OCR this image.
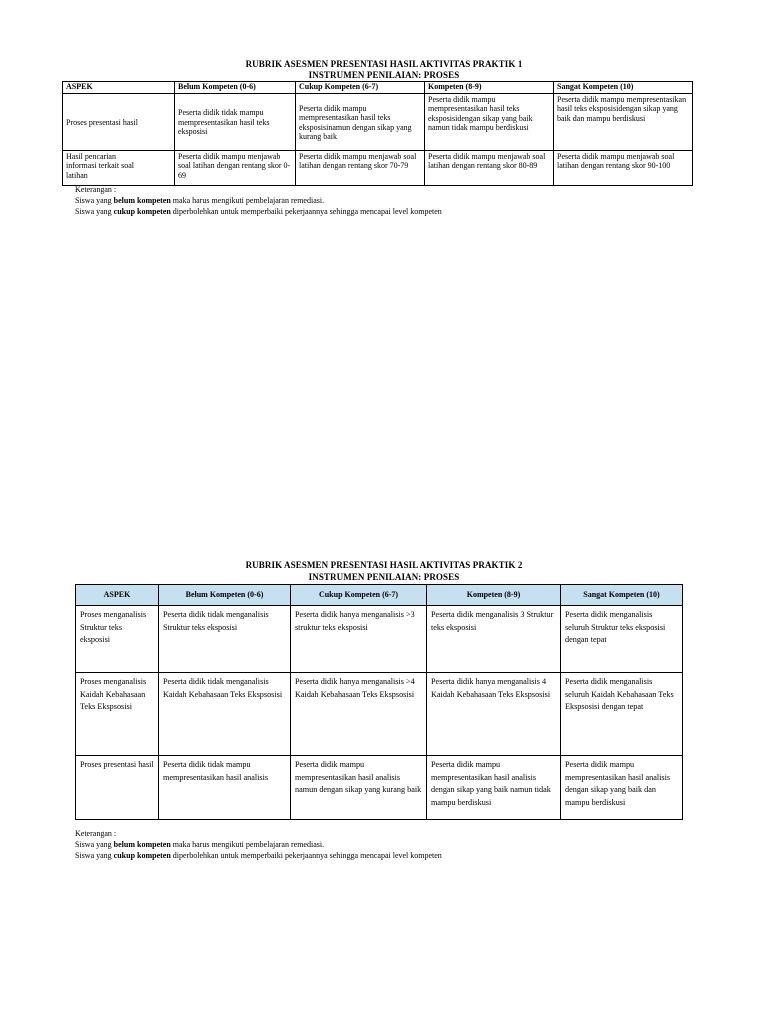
RUBRIK ASESMEN PRESENTASI HASIL AKTIVITAS PRAKTIK 1
INSTRUMEN PENILAIAN: PROSES
ASPEK	Belum Kompeten (0-6)	Cukup Kompeten (6-7)	Kompeten (8-9)	Sangat Kompeten (10)
Proses presentasi hasil	Peserta didik tidak mampu mempresentasikan hasil teks eksposisi	Peserta didik mampu mempresentasikan hasil teks eksposisinamun dengan sikap yang kurang baik	Peserta didik mampu mempresentasikan hasil teks eksposisidengan sikap yang baik namun tidak mampu berdiskusi	Peserta didik mampu mempresentasikan hasil teks eksposisidengan sikap yang baik dan mampu berdiskusi
Hasil pencarian informasi terkait soal latihan	Peserta didik mampu menjawab soal latihan dengan rentang skor 0-69	Peserta didik mampu menjawab soal latihan dengan rentang skor 70-79	Peserta didik mampu menjawab soal latihan dengan rentang skor 80-89	Peserta didik mampu menjawab soal latihan dengan rentang skor 90-100
Keterangan :
Siswa yang belum kompeten maka harus mengikuti pembelajaran remediasi.
Siswa yang cukup kompeten diperbolehkan untuk memperbaiki pekerjaannya sehingga mencapai level kompeten
RUBRIK ASESMEN PRESENTASI HASIL AKTIVITAS PRAKTIK 2
INSTRUMEN PENILAIAN: PROSES
ASPEK	Belum Kompeten (0-6)	Cukup Kompeten (6-7)	Kompeten (8-9)	Sangat Kompeten (10)
Proses menganalisis Struktur teks eksposisi	Peserta didik tidak menganalisis Struktur teks eksposisi	Peserta didik hanya menganalisis >3 struktur teks eksposisi	Peserta didik menganalisis 3 Struktur teks eksposisi	Peserta didik menganalisis seluruh Struktur teks eksposisi dengan tepat
Proses menganalisis Kaidah Kebahasaan Teks Ekspsosisi	Peserta didik tidak menganalisis Kaidah Kebahasaan Teks Ekspsosisi	Peserta didik hanya menganalisis >4 Kaidah Kebahasaan Teks Ekspsosisi	Peserta didik hanya menganalisis 4 Kaidah Kebahasaan Teks Ekspsosisi	Peserta didik menganalisis seluruh Kaidah Kebahasaan Teks Ekspsosisi dengan tepat
Proses presentasi hasil	Peserta didik tidak mampu mempresentasikan hasil analisis	Peserta didik mampu mempresentasikan hasil analisis namun dengan sikap yang kurang baik	Peserta didik mampu mempresentasikan hasil analisis dengan sikap yang baik namun tidak mampu berdiskusi	Peserta didik mampu mempresentasikan hasil analisis dengan sikap yang baik dan mampu berdiskusi
Keterangan :
Siswa yang belum kompeten maka harus mengikuti pembelajaran remediasi.
Siswa yang cukup kompeten diperbolehkan untuk memperbaiki pekerjaannya sehingga mencapai level kompeten
